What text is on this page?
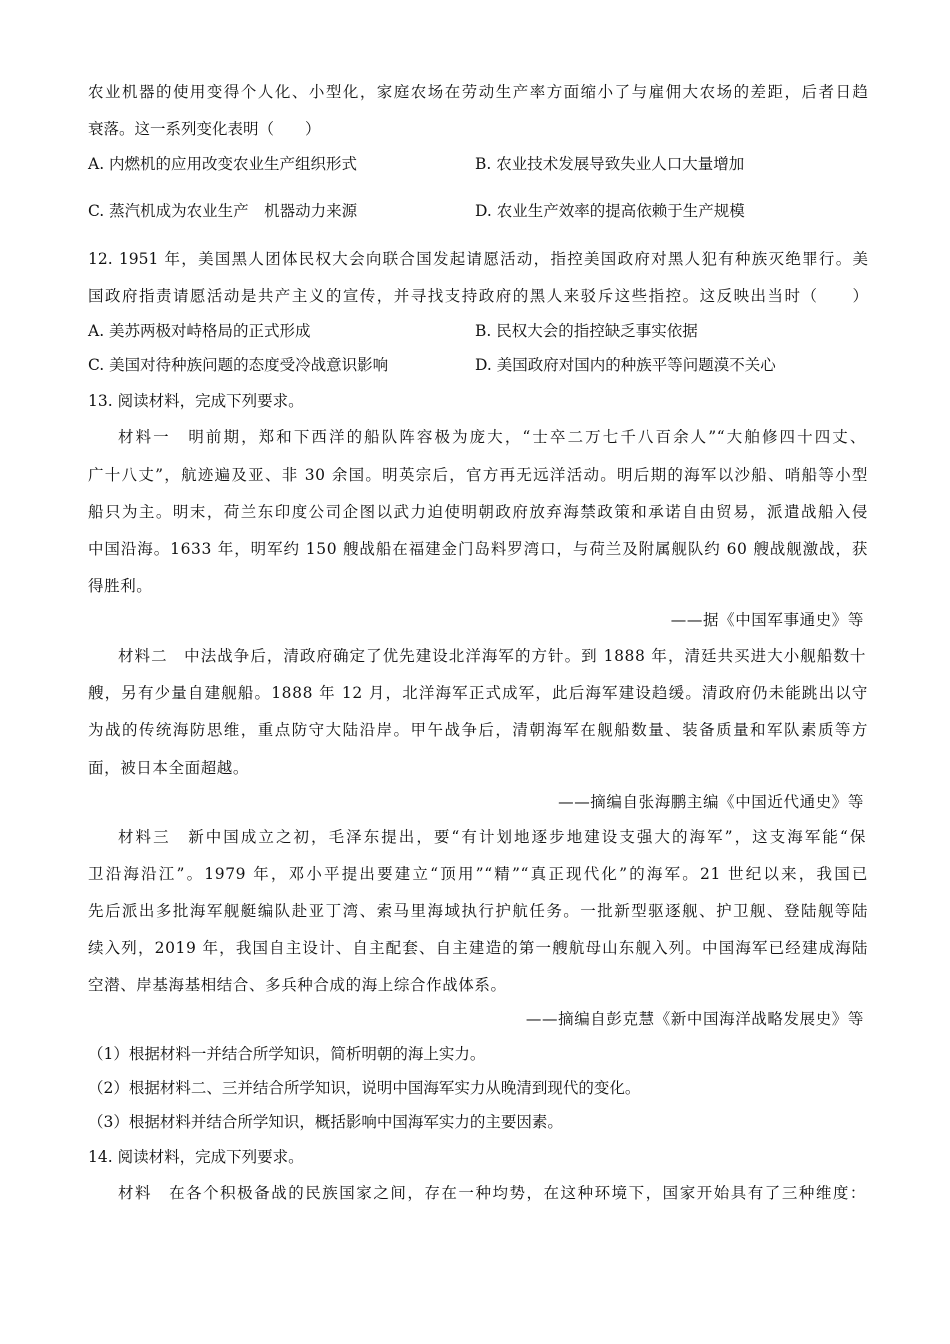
农业机器的使用变得个人化、小型化，家庭农场在劳动生产率方面缩小了与雇佣大农场的差距，后者日趋
衰落。这一系列变化表明（　　）
A. 内燃机的应用改变农业生产组织形式	B. 农业技术发展导致失业人口大量增加
C. 蒸汽机成为农业生产　机器动力来源	D. 农业生产效率的提高依赖于生产规模
12. 1951 年，美国黑人团体民权大会向联合国发起请愿活动，指控美国政府对黑人犯有种族灭绝罪行。美
国政府指责请愿活动是共产主义的宣传，并寻找支持政府的黑人来驳斥这些指控。这反映出当时（　　）
A. 美苏两极对峙格局的正式形成	B. 民权大会的指控缺乏事实依据
C. 美国对待种族问题的态度受冷战意识影响	D. 美国政府对国内的种族平等问题漠不关心
13. 阅读材料，完成下列要求。
材料一　明前期，郑和下西洋的船队阵容极为庞大，“士卒二万七千八百余人”“大舶修四十四丈、
广十八丈”，航迹遍及亚、非 30 余国。明英宗后，官方再无远洋活动。明后期的海军以沙船、哨船等小型
船只为主。明末，荷兰东印度公司企图以武力迫使明朝政府放弃海禁政策和承诺自由贸易，派遣战船入侵
中国沿海。1633 年，明军约 150 艘战船在福建金门岛料罗湾口，与荷兰及附属舰队约 60 艘战舰激战，获
得胜利。
——据《中国军事通史》等
材料二　中法战争后，清政府确定了优先建设北洋海军的方针。到 1888 年，清廷共买进大小舰船数十
艘，另有少量自建舰船。1888 年 12 月，北洋海军正式成军，此后海军建设趋缓。清政府仍未能跳出以守
为战的传统海防思维，重点防守大陆沿岸。甲午战争后，清朝海军在舰船数量、装备质量和军队素质等方
面，被日本全面超越。
——摘编自张海鹏主编《中国近代通史》等
材料三　新中国成立之初，毛泽东提出，要“有计划地逐步地建设支强大的海军”，这支海军能“保
卫沿海沿江”。1979 年，邓小平提出要建立“顶用”“精”“真正现代化”的海军。21 世纪以来，我国已
先后派出多批海军舰艇编队赴亚丁湾、索马里海域执行护航任务。一批新型驱逐舰、护卫舰、登陆舰等陆
续入列，2019 年，我国自主设计、自主配套、自主建造的第一艘航母山东舰入列。中国海军已经建成海陆
空潜、岸基海基相结合、多兵种合成的海上综合作战体系。
——摘编自彭克慧《新中国海洋战略发展史》等
（1）根据材料一并结合所学知识，简析明朝的海上实力。
（2）根据材料二、三并结合所学知识，说明中国海军实力从晚清到现代的变化。
（3）根据材料并结合所学知识，概括影响中国海军实力的主要因素。
14. 阅读材料，完成下列要求。
材料　在各个积极备战的民族国家之间，存在一种均势，在这种环境下，国家开始具有了三种维度：
